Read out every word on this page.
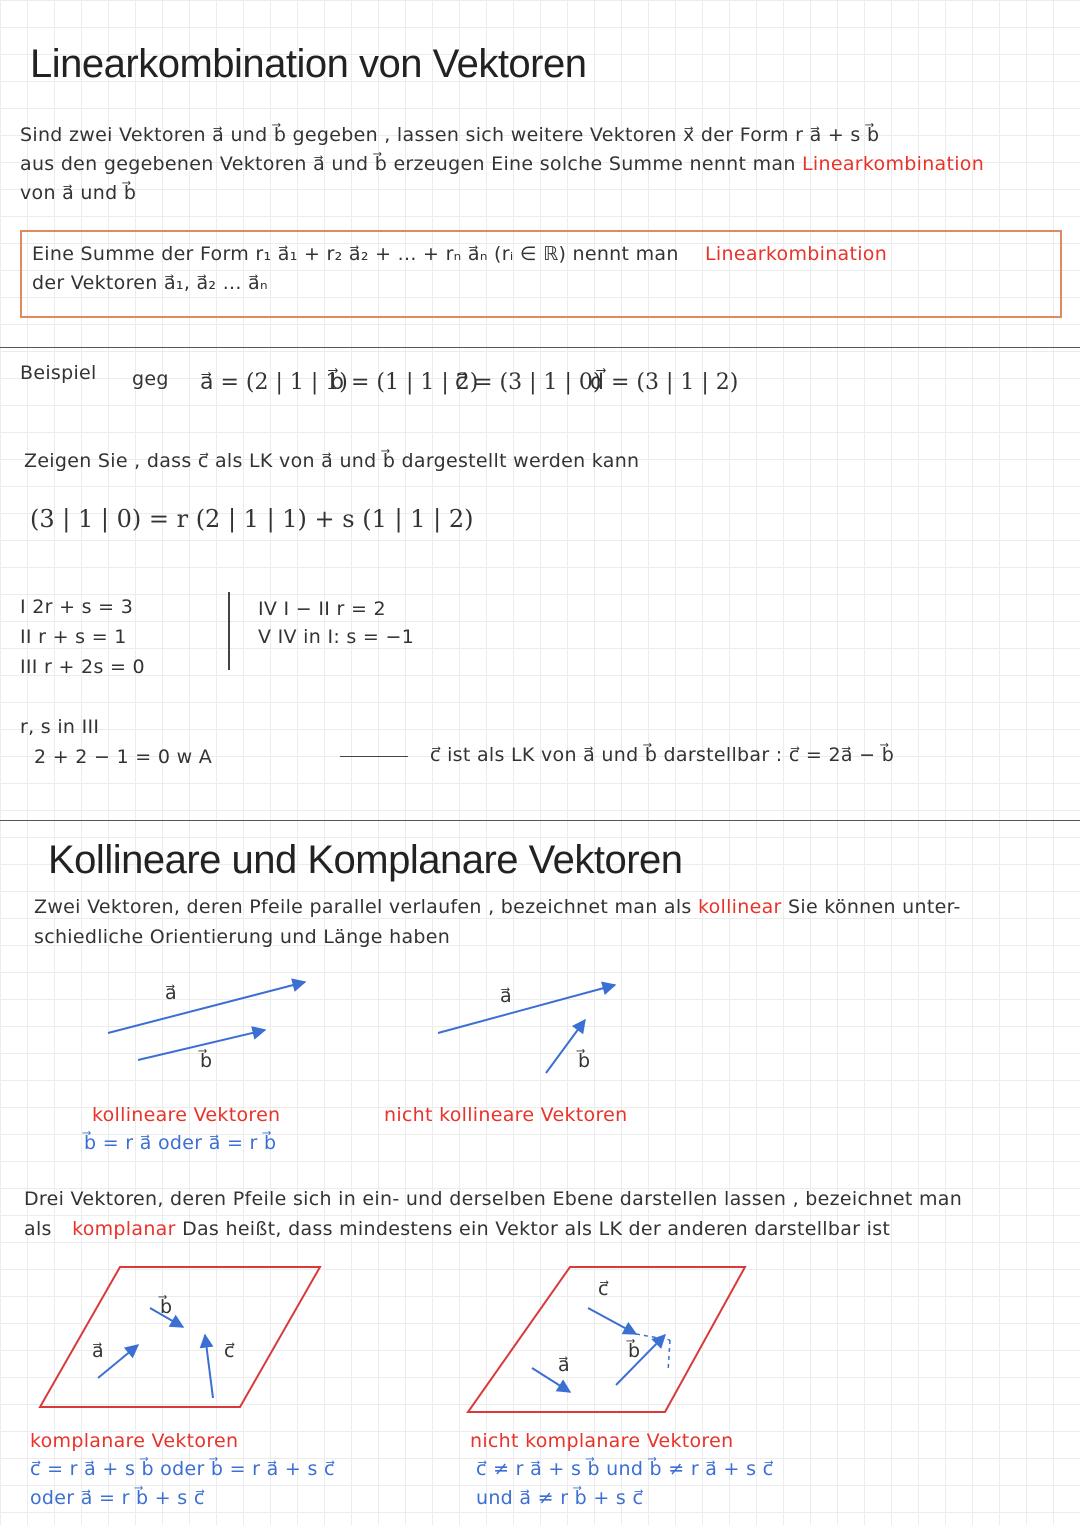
Linearkombination von Vektoren
Sind zwei Vektoren a⃗ und b⃗ gegeben , lassen sich weitere Vektoren x⃗ der Form r a⃗ + s b⃗
aus den gegebenen Vektoren a⃗ und b⃗ erzeugen Eine solche Summe nennt man Linearkombination
von a⃗ und b⃗
Eine Summe der Form r₁ a⃗₁ + r₂ a⃗₂ + ... + rₙ a⃗ₙ (rᵢ ∈ ℝ) nennt man Linearkombination
der Vektoren a⃗₁, a⃗₂ ... a⃗ₙ
Beispiel geg a⃗ = (2 | 1 | 1)
b⃗ = (1 | 1 | 2)
c⃗ = (3 | 1 | 0)
d⃗ = (3 | 1 | 2)
Zeigen Sie , dass c⃗ als LK von a⃗ und b⃗ dargestellt werden kann
(3 | 1 | 0) = r (2 | 1 | 1) + s (1 | 1 | 2)
I 2r + s = 3
II r + s = 1
III r + 2s = 0
IV I − II r = 2
V IV in I: s = −1
r, s in III
2 + 2 − 1 = 0 w A	c⃗ ist als LK von a⃗ und b⃗ darstellbar : c⃗ = 2a⃗ − b⃗
Kollineare und Komplanare Vektoren
Zwei Vektoren, deren Pfeile parallel verlaufen , bezeichnet man als kollinear Sie können unter-
schiedliche Orientierung und Länge haben
a⃗
b⃗
a⃗
b⃗
kollineare Vektoren
b⃗ = r a⃗ oder a⃗ = r b⃗
nicht kollineare Vektoren
Drei Vektoren, deren Pfeile sich in ein- und derselben Ebene darstellen lassen , bezeichnet man
als komplanar Das heißt, dass mindestens ein Vektor als LK der anderen darstellbar ist
a⃗
b⃗
c⃗
a⃗
b⃗
c⃗
komplanare Vektoren
c⃗ = r a⃗ + s b⃗ oder b⃗ = r a⃗ + s c⃗
oder a⃗ = r b⃗ + s c⃗
nicht komplanare Vektoren
c⃗ ≠ r a⃗ + s b⃗ und b⃗ ≠ r a⃗ + s c⃗
und a⃗ ≠ r b⃗ + s c⃗
